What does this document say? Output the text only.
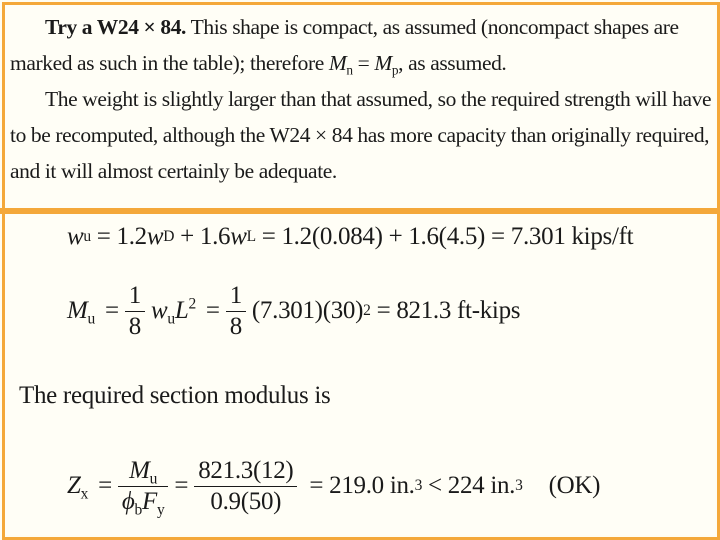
Try a W24 × 84. This shape is compact, as assumed (noncompact shapes are
marked as such in the table); therefore $M_n = M_p$, as assumed.
The weight is slightly larger than that assumed, so the required strength will have
to be recomputed, although the W24 × 84 has more capacity than originally required,
and it will almost certainly be adequate.
w u = 1.2 w D + 1.6 w L = 1.2(0.084) + 1.6(4.5) = 7.301 kips/ft
$M_u = \frac{1}{8} w_uL^2 = \frac{1}{8} (7.301)(30) 2 = 821.3$ ft-kips
The required section modulus is
$Z_x = \frac{M_u}{\phi_bF_y} = \frac{821.3(12)}{0.9(50)} = 219.0$ in. 3 < 224 in. 3 (OK)
